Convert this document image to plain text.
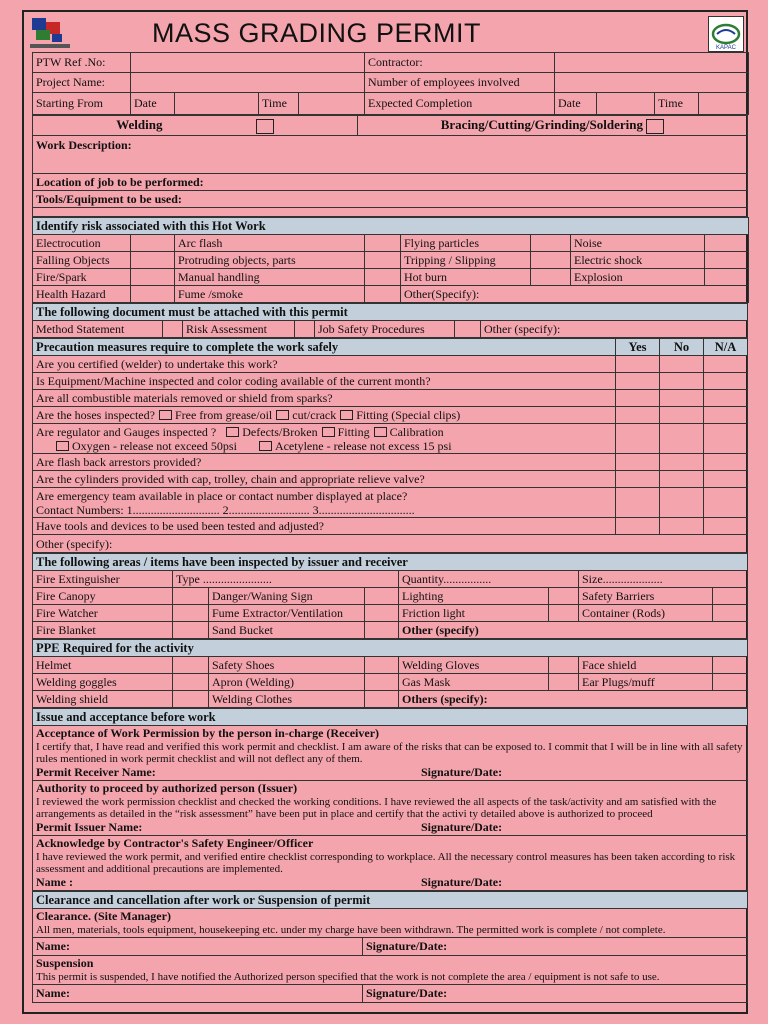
MASS GRADING PERMIT	KAPAC
PTW Ref .No:					Contractor:				
Project Name:					Number of employees involved				
Starting From	Date		Time		Expected Completion	Date		Time	
Welding	Bracing/Cutting/Grinding/Soldering
Work Description:
Location of job to be performed:
Tools/Equipment to be used:

Identify risk associated with this Hot Work							
Electrocution		Arc flash		Flying particles		Noise	
Falling Objects		Protruding objects, parts		Tripping / Slipping		Electric shock	
Fire/Spark		Manual handling		Hot burn		Explosion	
Health Hazard		Fume /smoke		Other(Specify):			
The following document must be attached with this permit
Method Statement		Risk Assessment		Job Safety Procedures		Other (specify):
Precaution measures require to complete the work safely	Yes	No	N/A
Are you certified (welder) to undertake this work?			
Is Equipment/Machine inspected and color coding available of the current month?			
Are all combustible materials removed or shield from sparks?			
Are the hoses inspected? Free from grease/oil cut/crack Fitting (Special clips)			
Are regulator and Gauges inspected ? Defects/Broken Fitting Calibration
Oxygen - release not exceed 50psi Acetylene - release not excess 15 psi			
Are flash back arrestors provided?			
Are the cylinders provided with cap, trolley, chain and appropriate relieve valve?			
Are emergency team available in place or contact number displayed at place?
Contact Numbers: 1............................. 2........................... 3................................			
Have tools and devices to be used been tested and adjusted?			
Other (specify):			
The following areas / items have been inspected by issuer and receiver							
Fire Extinguisher	Type .......................			Quantity................		Size....................	
Fire Canopy		Danger/Waning Sign		Lighting		Safety Barriers	
Fire Watcher		Fume Extractor/Ventilation		Friction light		Container (Rods)	
Fire Blanket		Sand Bucket		Other (specify)			
PPE Required for the activity							
Helmet		Safety Shoes		Welding Gloves		Face shield	
Welding goggles		Apron (Welding)		Gas Mask		Ear Plugs/muff	
Welding shield		Welding Clothes		Others (specify):			
Issue and acceptance before work
Acceptance of Work Permission by the person in-charge (Receiver)
I certify that, I have read and verified this work permit and checklist. I am aware of the risks that can be exposed to. I commit that I will be in line with all safety rules mentioned in work permit checklist and will not deflect any of them.
Permit Receiver Name:	Signature/Date:
Authority to proceed by authorized person (Issuer)
I reviewed the work permission checklist and checked the working conditions. I have reviewed the all aspects of the task/activity and am satisfied with the arrangements as detailed in the “risk assessment” have been put in place and certify that the activi ty detailed above is authorized to proceed
Permit Issuer Name:	Signature/Date:
Acknowledge by Contractor's Safety Engineer/Officer
I have reviewed the work permit, and verified entire checklist corresponding to workplace. All the necessary control measures has been taken according to risk assessment and additional precautions are implemented.
Name :	Signature/Date:
Clearance and cancellation after work or Suspension of permit	
Clearance. (Site Manager)
All men, materials, tools equipment, housekeeping etc. under my charge have been withdrawn. The permitted work is complete / not complete.	
Name:	Signature/Date:
Suspension
This permit is suspended, I have notified the Authorized person specified that the work is not complete the area / equipment is not safe to use.	
Name:	Signature/Date:
